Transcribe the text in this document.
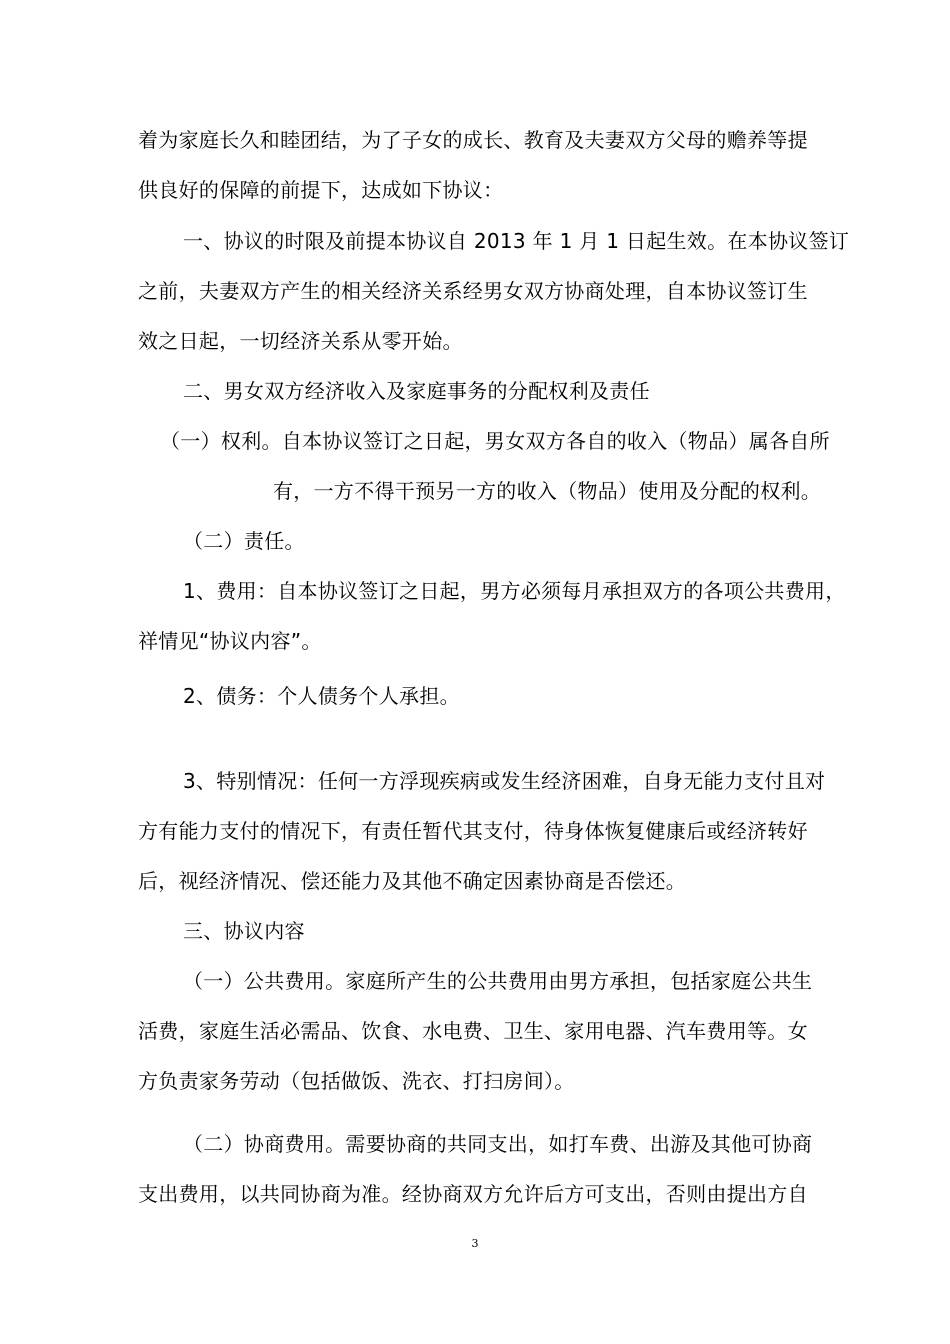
着为家庭长久和睦团结，为了子女的成长、教育及夫妻双方父母的赡养等提
供良好的保障的前提下，达成如下协议：
一、协议的时限及前提本协议自 2013 年 1 月 1 日起生效。在本协议签订
之前，夫妻双方产生的相关经济关系经男女双方协商处理，自本协议签订生
效之日起，一切经济关系从零开始。
二、男女双方经济收入及家庭事务的分配权利及责任
（一）权利。自本协议签订之日起，男女双方各自的收入（物品）属各自所
有，一方不得干预另一方的收入（物品）使用及分配的权利。
（二）责任。
1、费用：自本协议签订之日起，男方必须每月承担双方的各项公共费用，
祥情见“协议内容”。
2、债务：个人债务个人承担。
3、特别情况：任何一方浮现疾病或发生经济困难，自身无能力支付且对
方有能力支付的情况下，有责任暂代其支付，待身体恢复健康后或经济转好
后，视经济情况、偿还能力及其他不确定因素协商是否偿还。
三、协议内容
（一）公共费用。家庭所产生的公共费用由男方承担，包括家庭公共生
活费，家庭生活必需品、饮食、水电费、卫生、家用电器、汽车费用等。女
方负责家务劳动（包括做饭、洗衣、打扫房间）。
（二）协商费用。需要协商的共同支出，如打车费、出游及其他可协商
支出费用，以共同协商为准。经协商双方允许后方可支出，否则由提出方自
3
